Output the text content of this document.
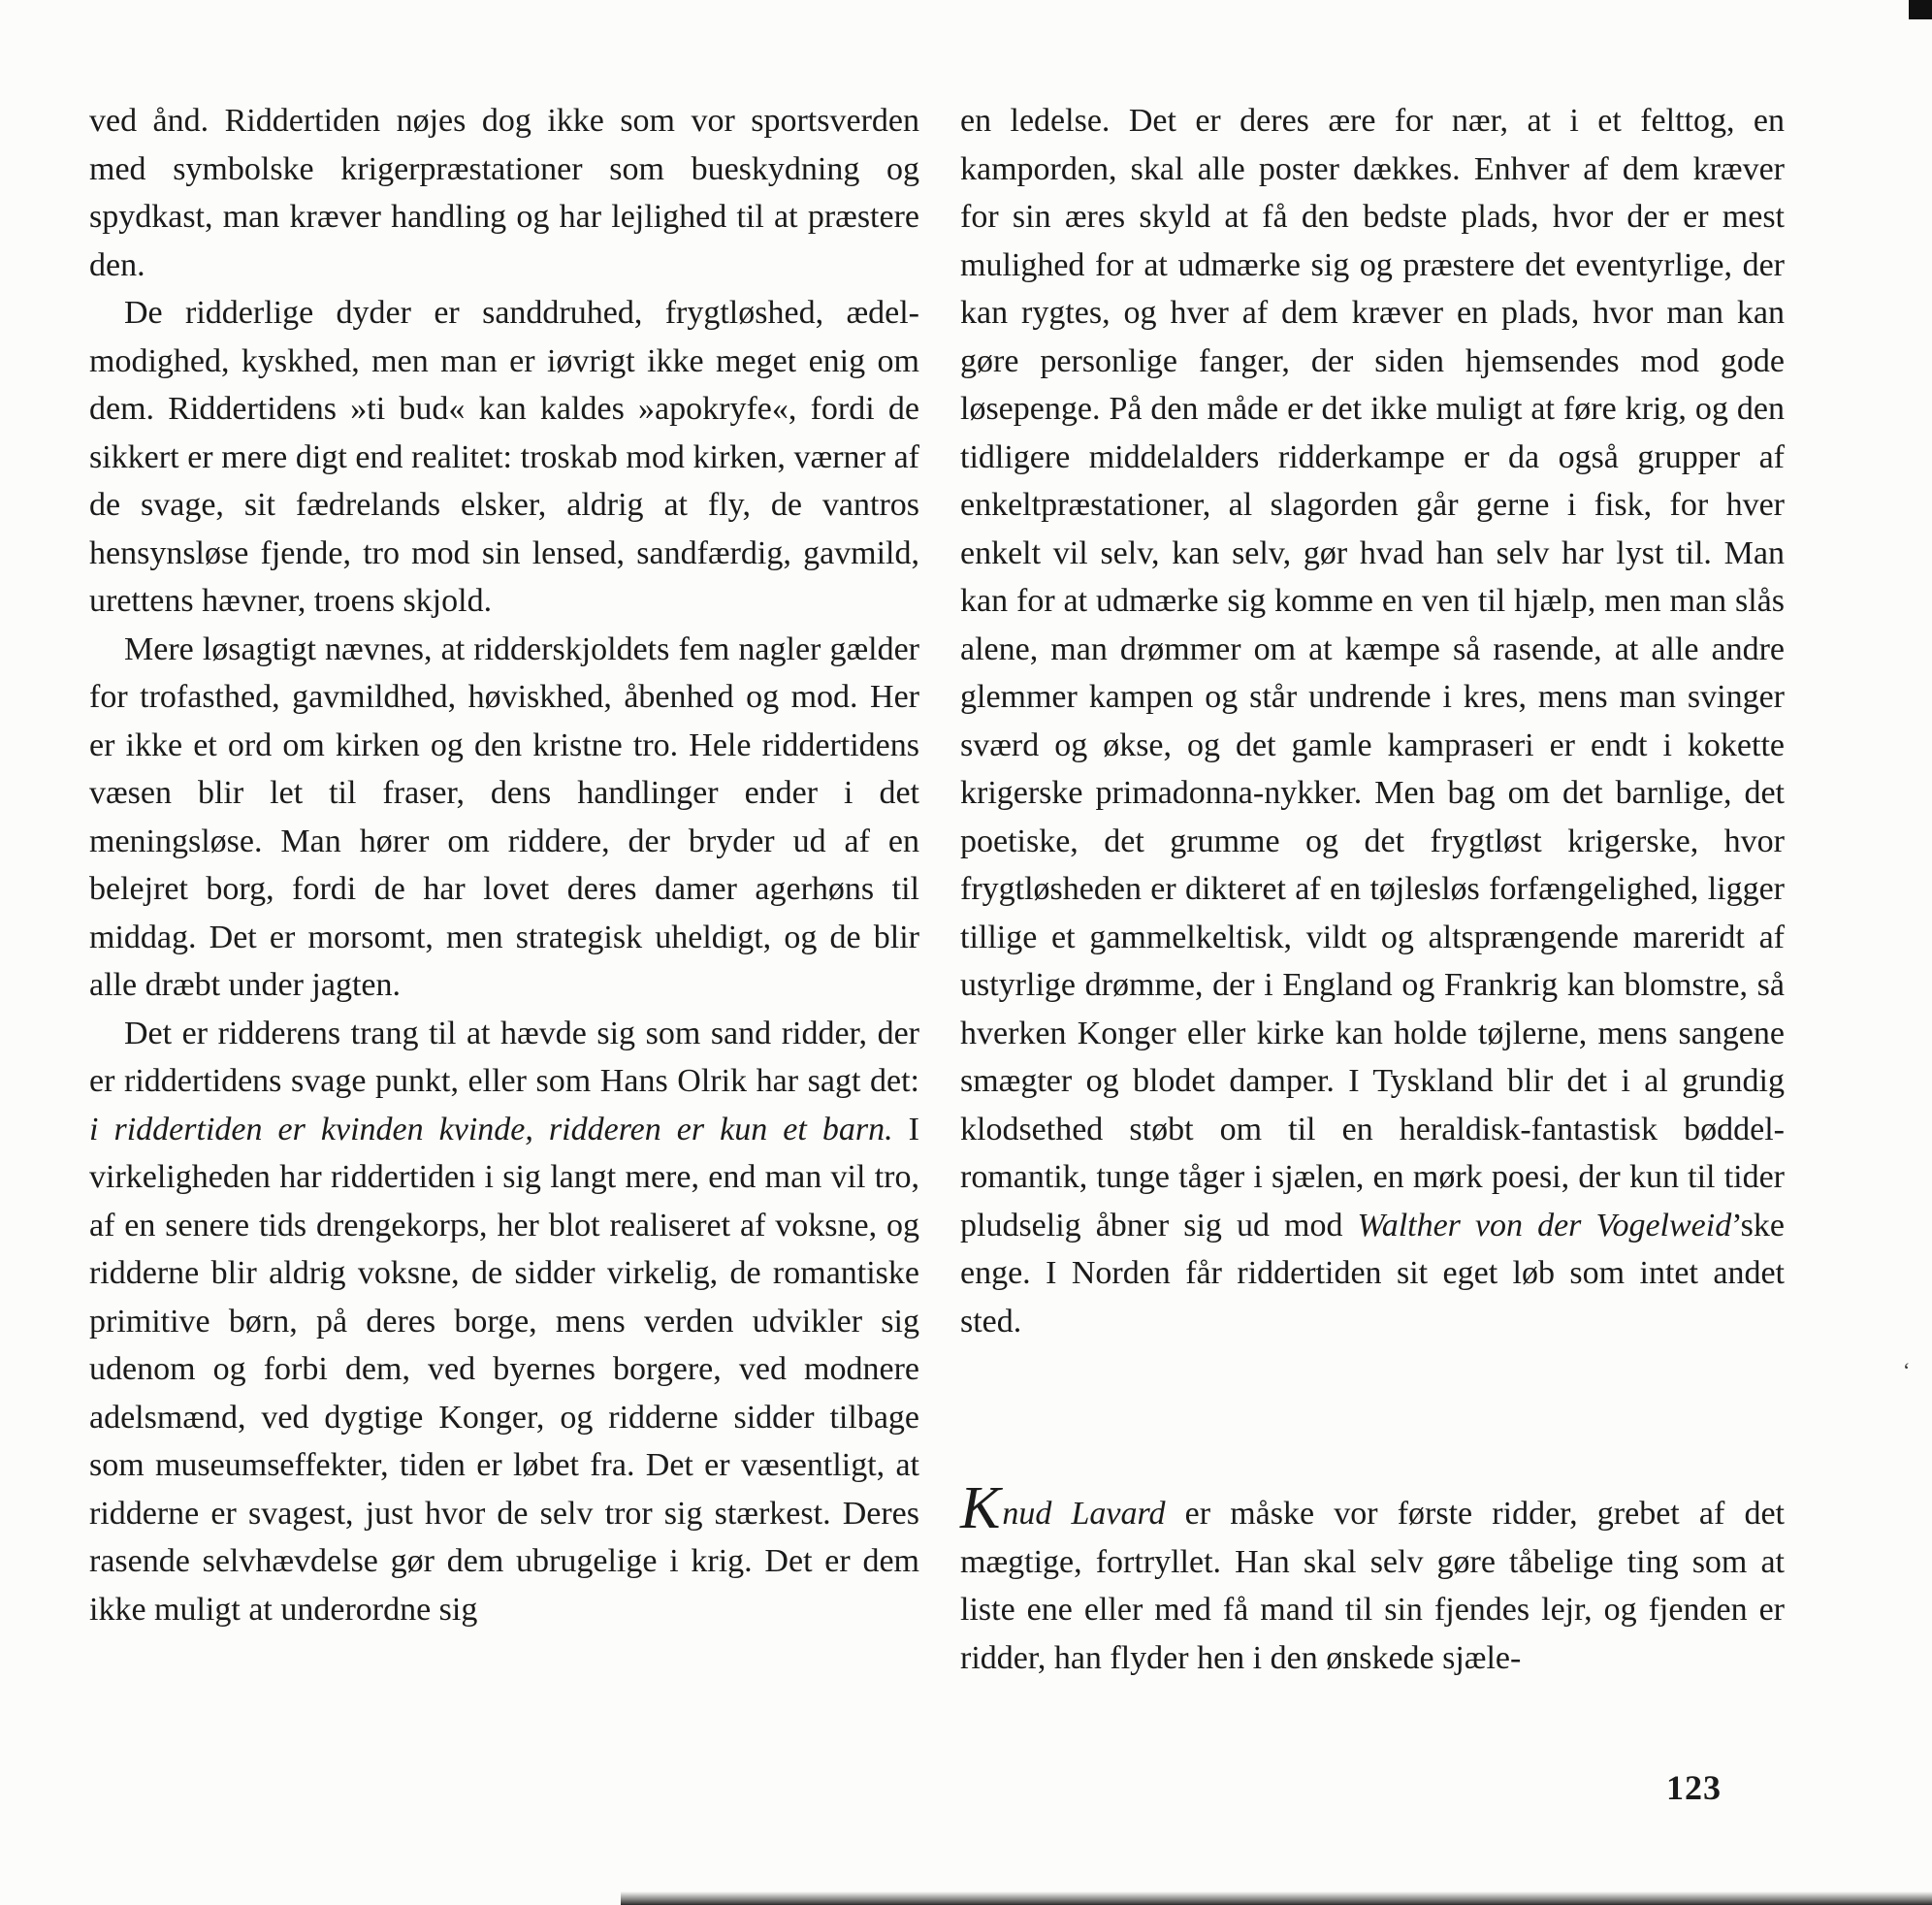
ved ånd. Riddertiden nøjes dog ikke som vor sportsverden med symbolske krigerpræstationer som bueskydning og spydkast, man kræver handling og har lejlighed til at præstere den.

De ridderlige dyder er sanddruhed, frygtløshed, ædelmodighed, kyskhed, men man er iøvrigt ikke meget enig om dem. Riddertidens »ti bud« kan kaldes »apokryfe«, fordi de sikkert er mere digt end realitet: troskab mod kirken, værner af de svage, sit fædrelands elsker, aldrig at fly, de vantros hensynsløse fjende, tro mod sin lensed, sandfærdig, gavmild, urettens hævner, troens skjold.

Mere løsagtigt nævnes, at ridderskjoldets fem nagler gælder for trofasthed, gavmildhed, høviskhed, åbenhed og mod. Her er ikke et ord om kirken og den kristne tro. Hele riddertidens væsen blir let til fraser, dens handlinger ender i det meningsløse. Man hører om riddere, der bryder ud af en belejret borg, fordi de har lovet deres damer agerhøns til middag. Det er morsomt, men strategisk uheldigt, og de blir alle dræbt under jagten.

Det er ridderens trang til at hævde sig som sand ridder, der er riddertidens svage punkt, eller som Hans Olrik har sagt det: i riddertiden er kvinden kvinde, ridderen er kun et barn. I virkeligheden har riddertiden i sig langt mere, end man vil tro, af en senere tids drengekorps, her blot realiseret af voksne, og ridderne blir aldrig voksne, de sidder virkelig, de romantiske primitive børn, på deres borge, mens verden udvikler sig udenom og forbi dem, ved byernes borgere, ved modnere adelsmænd, ved dygtige Konger, og ridderne sidder tilbage som museumseffekter, tiden er løbet fra. Det er væsentligt, at ridderne er svagest, just hvor de selv tror sig stærkest. Deres rasende selvhævdelse gør dem ubrugelige i krig. Det er dem ikke muligt at underordne sig

en ledelse. Det er deres ære for nær, at i et felttog, en kamporden, skal alle poster dækkes. Enhver af dem kræver for sin æres skyld at få den bedste plads, hvor der er mest mulighed for at udmærke sig og præstere det eventyrlige, der kan rygtes, og hver af dem kræver en plads, hvor man kan gøre personlige fanger, der siden hjemsendes mod gode løsepenge. På den måde er det ikke muligt at føre krig, og den tidligere middelalders ridderkampe er da også grupper af enkeltpræstationer, al slagorden går gerne i fisk, for hver enkelt vil selv, kan selv, gør hvad han selv har lyst til. Man kan for at udmærke sig komme en ven til hjælp, men man slås alene, man drømmer om at kæmpe så rasende, at alle andre glemmer kampen og står undrende i kres, mens man svinger sværd og økse, og det gamle kampraseri er endt i kokette krigerske primadonna-nykker. Men bag om det barnlige, det poetiske, det grumme og det frygtløst krigerske, hvor frygtløsheden er dikteret af en tøjlesløs forfængelighed, ligger tillige et gammelkeltisk, vildt og altsprængende mareridt af ustyrlige drømme, der i England og Frankrig kan blomstre, så hverken Konger eller kirke kan holde tøjlerne, mens sangene smægter og blodet damper. I Tyskland blir det i al grundig klodsethed støbt om til en heraldisk-fantastisk bøddel-romantik, tunge tåger i sjælen, en mørk poesi, der kun til tider pludselig åbner sig ud mod Walther von der Vogelweid’ske enge. I Norden får riddertiden sit eget løb som intet andet sted.

Knud Lavard er måske vor første ridder, grebet af det mægtige, fortryllet. Han skal selv gøre tåbelige ting som at liste ene eller med få mand til sin fjendes lejr, og fjenden er ridder, han flyder hen i den ønskede sjæle-

‘
123
